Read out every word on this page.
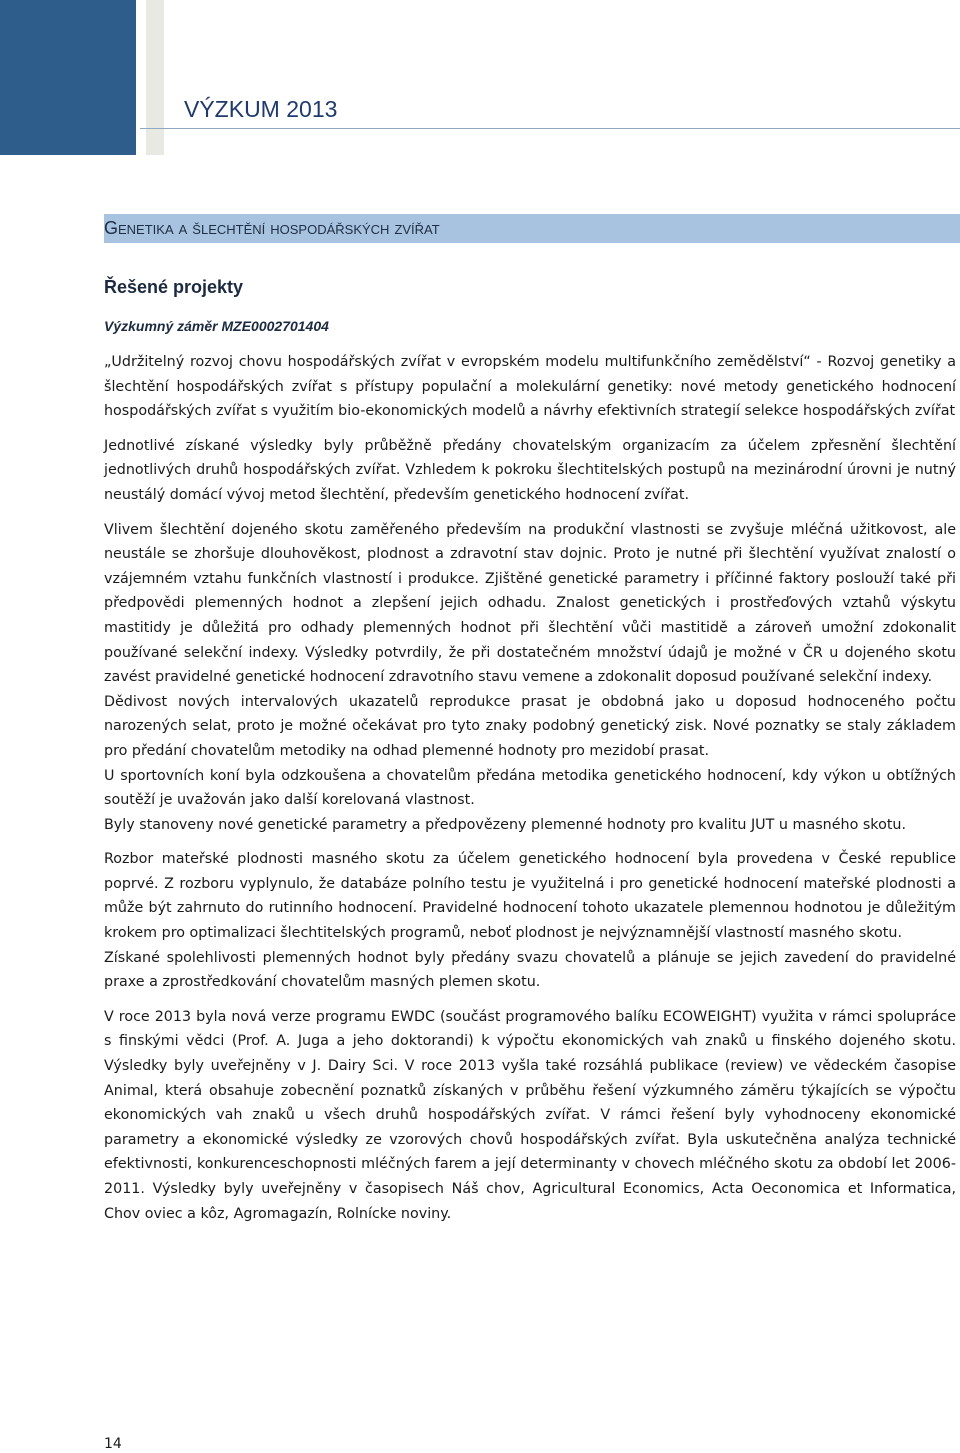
VÝZKUM 2013
Genetika a šlechtění hospodářských zvířat
Řešené projekty
Výzkumný záměr MZE0002701404

„Udržitelný rozvoj chovu hospodářských zvířat v evropském modelu multifunkčního zemědělství“ - Rozvoj genetiky a šlechtění hospodářských zvířat s přístupy populační a molekulární genetiky: nové metody genetického hodnocení hospodářských zvířat s využitím bio-ekonomických modelů a návrhy efektivních strategií selekce hospodářských zvířat

Jednotlivé získané výsledky byly průběžně předány chovatelským organizacím za účelem zpřesnění šlechtění jednotlivých druhů hospodářských zvířat. Vzhledem k pokroku šlechtitelských postupů na mezinárodní úrovni je nutný neustálý domácí vývoj metod šlechtění, především genetického hodnocení zvířat.

Vlivem šlechtění dojeného skotu zaměřeného především na produkční vlastnosti se zvyšuje mléčná užitkovost, ale neustále se zhoršuje dlouhověkost, plodnost a zdravotní stav dojnic. Proto je nutné při šlechtění využívat znalostí o vzájemném vztahu funkčních vlastností i produkce. Zjištěné genetické parametry i příčinné faktory poslouží také při předpovědi plemenných hodnot a zlepšení jejich odhadu. Znalost genetických i prostřeďových vztahů výskytu mastitidy je důležitá pro odhady plemenných hodnot při šlechtění vůči mastitidě a zároveň umožní zdokonalit používané selekční indexy. Výsledky potvrdily, že při dostatečném množství údajů je možné v ČR u dojeného skotu zavést pravidelné genetické hodnocení zdravotního stavu vemene a zdokonalit doposud používané selekční indexy.

Dědivost nových intervalových ukazatelů reprodukce prasat je obdobná jako u doposud hodnoceného počtu narozených selat, proto je možné očekávat pro tyto znaky podobný genetický zisk. Nové poznatky se staly základem pro předání chovatelům metodiky na odhad plemenné hodnoty pro mezidobí prasat.

U sportovních koní byla odzkoušena a chovatelům předána metodika genetického hodnocení, kdy výkon u obtížných soutěží je uvažován jako další korelovaná vlastnost.

Byly stanoveny nové genetické parametry a předpovězeny plemenné hodnoty pro kvalitu JUT u masného skotu.

Rozbor mateřské plodnosti masného skotu za účelem genetického hodnocení byla provedena v České republice poprvé. Z rozboru vyplynulo, že databáze polního testu je využitelná i pro genetické hodnocení mateřské plodnosti a může být zahrnuto do rutinního hodnocení. Pravidelné hodnocení tohoto ukazatele plemennou hodnotou je důležitým krokem pro optimalizaci šlechtitelských programů, neboť plodnost je nejvýznamnější vlastností masného skotu.

Získané spolehlivosti plemenných hodnot byly předány svazu chovatelů a plánuje se jejich zavedení do pravidelné praxe a zprostředkování chovatelům masných plemen skotu.

V roce 2013 byla nová verze programu EWDC (součást programového balíku ECOWEIGHT) využita v rámci spolupráce s finskými vědci (Prof. A. Juga a jeho doktorandi) k výpočtu ekonomických vah znaků u finského dojeného skotu. Výsledky byly uveřejněny v J. Dairy Sci. V roce 2013 vyšla také rozsáhlá publikace (review) ve vědeckém časopise Animal, která obsahuje zobecnění poznatků získaných v průběhu řešení výzkumného záměru týkajících se výpočtu ekonomických vah znaků u všech druhů hospodářských zvířat. V rámci řešení byly vyhodnoceny ekonomické parametry a ekonomické výsledky ze vzorových chovů hospodářských zvířat. Byla uskutečněna analýza technické efektivnosti, konkurenceschopnosti mléčných farem a její determinanty v chovech mléčného skotu za období let 2006-2011. Výsledky byly uveřejněny v časopisech Náš chov, Agricultural Economics, Acta Oeconomica et Informatica, Chov oviec a kôz, Agromagazín, Rolnícke noviny.

14
